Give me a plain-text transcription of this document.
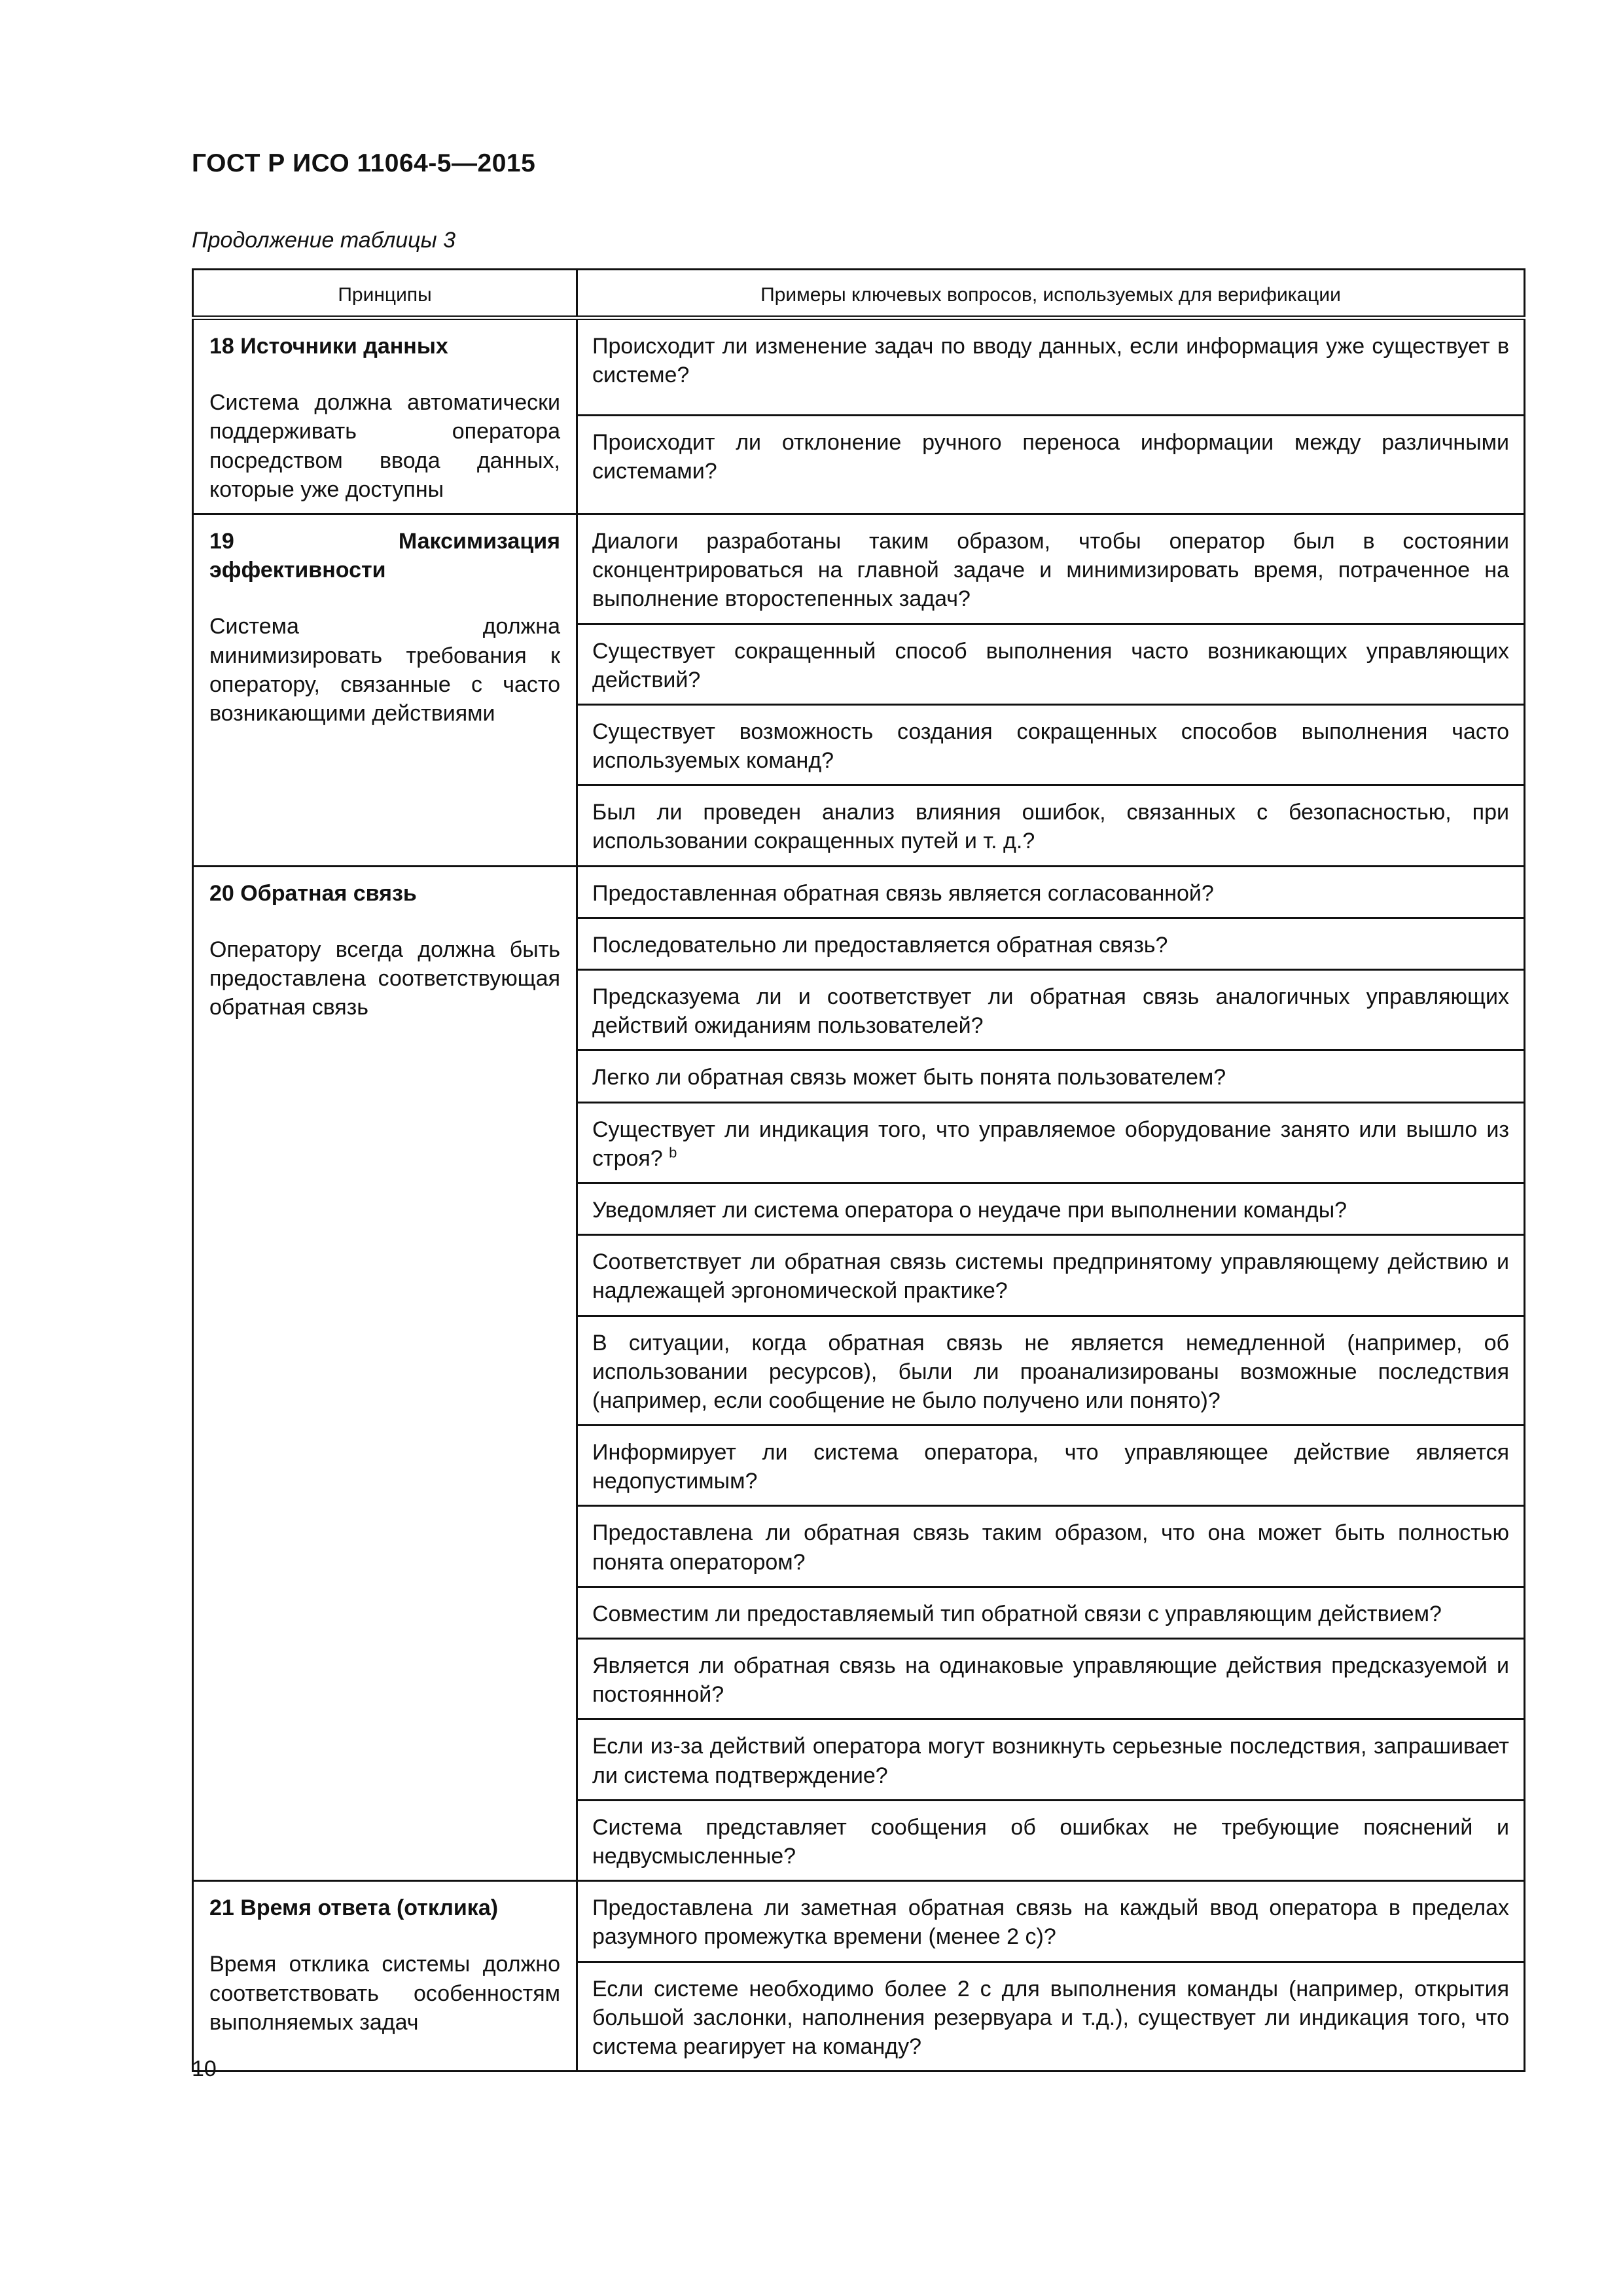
ГОСТ Р ИСО 11064-5—2015
Продолжение таблицы 3
Принципы	Примеры ключевых вопросов, используемых для верификации

18 Источники данных
Система должна автоматически поддерживать оператора посредством ввода данных, которые уже доступны	Происходит ли изменение задач по вводу данных, если информация уже существует в системе?
	Происходит ли отклонение ручного переноса информации между различными системами?

19 Максимизация эффективности
Система должна минимизировать требования к оператору, связанные с часто возникающими действиями	Диалоги разработаны таким образом, чтобы оператор был в состоянии сконцентрироваться на главной задаче и минимизировать время, потраченное на выполнение второстепенных задач?
	Существует сокращенный способ выполнения часто возникающих управляющих действий?
	Существует возможность создания сокращенных способов выполнения часто используемых команд?
	Был ли проведен анализ влияния ошибок, связанных с безопасностью, при использовании сокращенных путей и т. д.?

20 Обратная связь
Оператору всегда должна быть предоставлена соответствующая обратная связь	Предоставленная обратная связь является согласованной?
	Последовательно ли предоставляется обратная связь?
	Предсказуема ли и соответствует ли обратная связь аналогичных управляющих действий ожиданиям пользователей?
	Легко ли обратная связь может быть понята пользователем?
	Существует ли индикация того, что управляемое оборудование занято или вышло из строя? $^b$
	Уведомляет ли система оператора о неудаче при выполнении команды?
	Соответствует ли обратная связь системы предпринятому управляющему действию и надлежащей эргономической практике?
	В ситуации, когда обратная связь не является немедленной (например, об использовании ресурсов), были ли проанализированы возможные последствия (например, если сообщение не было получено или понято)?
	Информирует ли система оператора, что управляющее действие является недопустимым?
	Предоставлена ли обратная связь таким образом, что она может быть полностью понята оператором?
	Совместим ли предоставляемый тип обратной связи с управляющим действием?
	Является ли обратная связь на одинаковые управляющие действия предсказуемой и постоянной?
	Если из-за действий оператора могут возникнуть серьезные последствия, запрашивает ли система подтверждение?
	Система представляет сообщения об ошибках не требующие пояснений и недвусмысленные?

21 Время ответа (отклика)
Время отклика системы должно соответствовать особенностям выполняемых задач	Предоставлена ли заметная обратная связь на каждый ввод оператора в пределах разумного промежутка времени (менее 2 с)?
	Если системе необходимо более 2 с для выполнения команды (например, открытия большой заслонки, наполнения резервуара и т.д.), существует ли индикация того, что система реагирует на команду?
10
